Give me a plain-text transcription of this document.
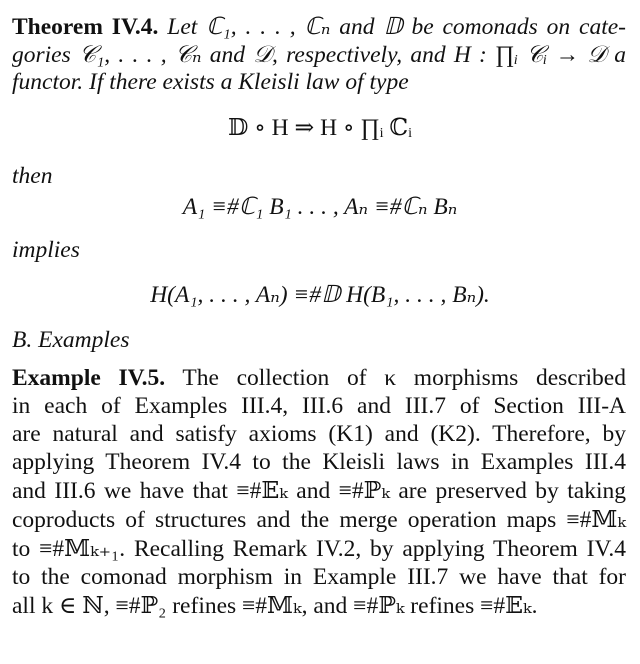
Theorem IV.4. Let ℂ₁, . . . , ℂₙ and 𝔻 be comonads on cate-
gories 𝒞₁, . . . , 𝒞ₙ and 𝒟, respectively, and H : ∏ᵢ 𝒞ᵢ → 𝒟 a
functor. If there exists a Kleisli law of type
𝔻 ∘ H ⇒ H ∘ ∏ᵢ ℂᵢ
then
A₁ ≡#ℂ₁ B₁ . . . , Aₙ ≡#ℂₙ Bₙ
implies
H(A₁, . . . , Aₙ) ≡#𝔻 H(B₁, . . . , Bₙ).
B. Examples
Example IV.5. The collection of κ morphisms described
in each of Examples III.4, III.6 and III.7 of Section III-A
are natural and satisfy axioms (K1) and (K2). Therefore, by
applying Theorem IV.4 to the Kleisli laws in Examples III.4
and III.6 we have that ≡#𝔼ₖ and ≡#ℙₖ are preserved by taking
coproducts of structures and the merge operation maps ≡#𝕄ₖ
to ≡#𝕄ₖ₊₁. Recalling Remark IV.2, by applying Theorem IV.4
to the comonad morphism in Example III.7 we have that for
all k ∈ ℕ, ≡#ℙ₂ refines ≡#𝕄ₖ, and ≡#ℙₖ refines ≡#𝔼ₖ.
